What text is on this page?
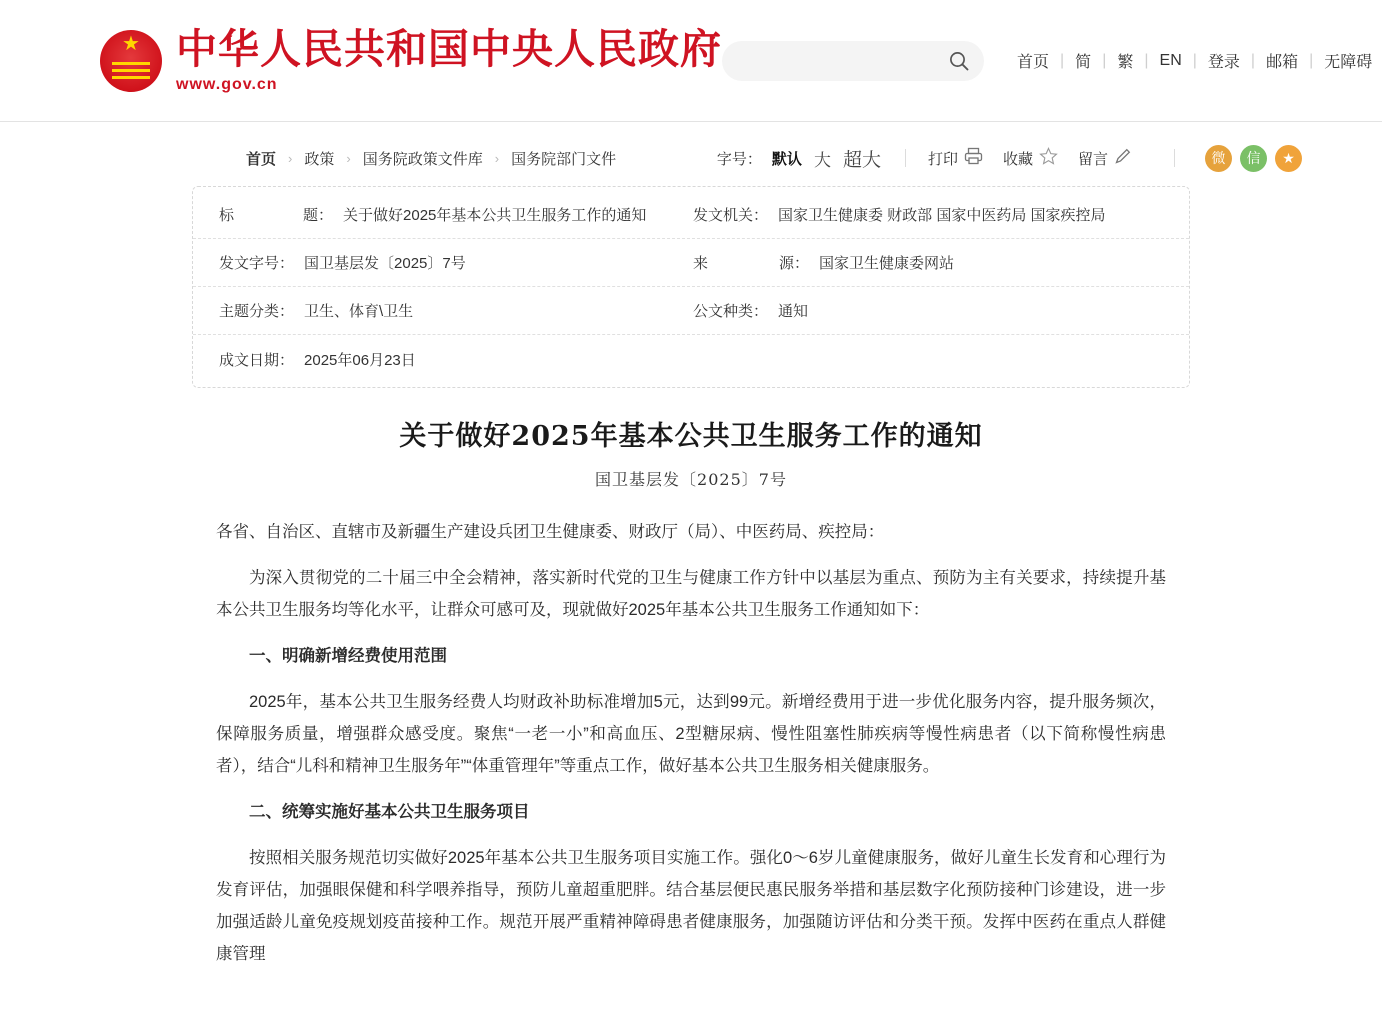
★
中华人民共和国中央人民政府
www.gov.cn
首页 | 简 | 繁 | EN | 登录 | 邮箱 | 无障碍
首页 › 政策 › 国务院政策文件库 › 国务院部门文件	字号： 默认 大 超大	打印	收藏	留言	微	信	★
标	题： 关于做好2025年基本公共卫生服务工作的通知	发文机关： 国家卫生健康委 财政部 国家中医药局 国家疾控局
发文字号： 国卫基层发〔2025〕7号	来	源： 国家卫生健康委网站
主题分类： 卫生、体育\卫生	公文种类： 通知
成文日期： 2025年06月23日
关于做好2025年基本公共卫生服务工作的通知
国卫基层发〔2025〕7号

各省、自治区、直辖市及新疆生产建设兵团卫生健康委、财政厅（局）、中医药局、疾控局：

为深入贯彻党的二十届三中全会精神，落实新时代党的卫生与健康工作方针中以基层为重点、预防为主有关要求，持续提升基本公共卫生服务均等化水平，让群众可感可及，现就做好2025年基本公共卫生服务工作通知如下：

一、明确新增经费使用范围

2025年，基本公共卫生服务经费人均财政补助标准增加5元，达到99元。新增经费用于进一步优化服务内容，提升服务频次，保障服务质量，增强群众感受度。聚焦“一老一小”和高血压、2型糖尿病、慢性阻塞性肺疾病等慢性病患者（以下简称慢性病患者），结合“儿科和精神卫生服务年”“体重管理年”等重点工作，做好基本公共卫生服务相关健康服务。

二、统筹实施好基本公共卫生服务项目

按照相关服务规范切实做好2025年基本公共卫生服务项目实施工作。强化0～6岁儿童健康服务，做好儿童生长发育和心理行为发育评估，加强眼保健和科学喂养指导，预防儿童超重肥胖。结合基层便民惠民服务举措和基层数字化预防接种门诊建设，进一步加强适龄儿童免疫规划疫苗接种工作。规范开展严重精神障碍患者健康服务，加强随访评估和分类干预。发挥中医药在重点人群健康管理
